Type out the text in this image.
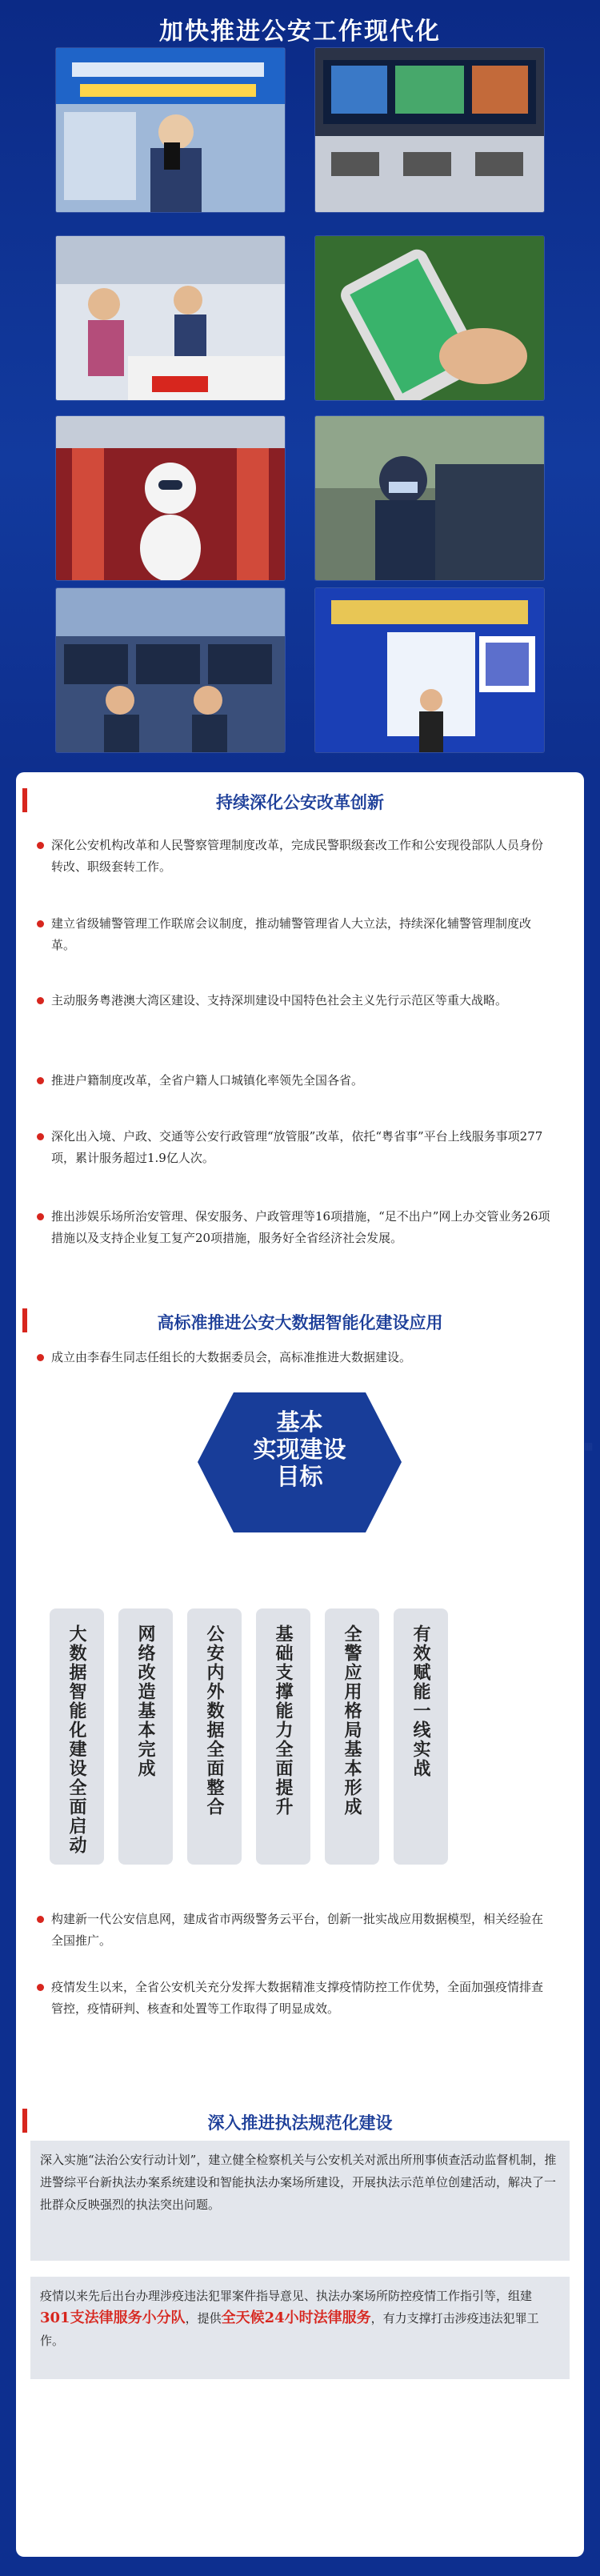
加快推进公安工作现代化
▦
持续深化公安改革创新
深化公安机构改革和人民警察管理制度改革，完成民警职级套改工作和公安现役部队人员身份转改、职级套转工作。
建立省级辅警管理工作联席会议制度，推动辅警管理省人大立法，持续深化辅警管理制度改革。
主动服务粤港澳大湾区建设、支持深圳建设中国特色社会主义先行示范区等重大战略。
推进户籍制度改革，全省户籍人口城镇化率领先全国各省。
深化出入境、户政、交通等公安行政管理“放管服”改革，依托“粤省事”平台上线服务事项277项，累计服务超过1.9亿人次。
推出涉娱乐场所治安管理、保安服务、户政管理等16项措施，“足不出户”网上办交管业务26项措施以及支持企业复工复产20项措施，服务好全省经济社会发展。
高标准推进公安大数据智能化建设应用
成立由李春生同志任组长的大数据委员会，高标准推进大数据建设。
基本
实现建设
目标
大数据智能化建设全面启动	网络改造基本完成	公安内外数据全面整合	基础支撑能力全面提升	全警应用格局基本形成	有效赋能一线实战
构建新一代公安信息网，建成省市两级警务云平台，创新一批实战应用数据模型，相关经验在全国推广。
疫情发生以来，全省公安机关充分发挥大数据精准支撑疫情防控工作优势，全面加强疫情排查管控，疫情研判、核查和处置等工作取得了明显成效。
深入推进执法规范化建设
深入实施“法治公安行动计划”，建立健全检察机关与公安机关对派出所刑事侦查活动监督机制，推进警综平台新执法办案系统建设和智能执法办案场所建设，开展执法示范单位创建活动，解决了一批群众反映强烈的执法突出问题。
疫情以来先后出台办理涉疫违法犯罪案件指导意见、执法办案场所防控疫情工作指引等，组建301支法律服务小分队，提供全天候24小时法律服务，有力支撑打击涉疫违法犯罪工作。
